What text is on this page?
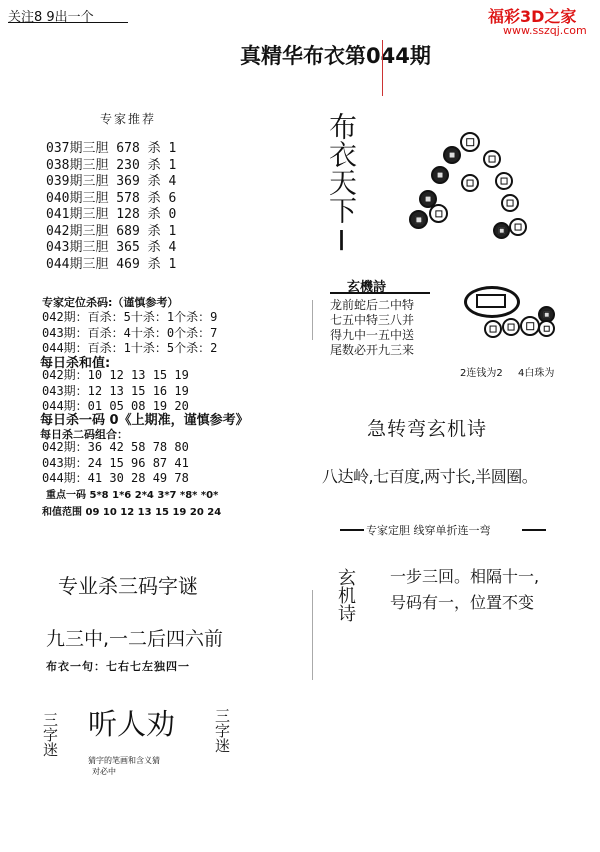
关注8 9出一个	福彩3D之家
www.sszqj.com
真精华布衣第044期
专家推荐
037期三胆 678 杀 1
038期三胆 230 杀 1
039期三胆 369 杀 4
040期三胆 578 杀 6
041期三胆 128 杀 0
042期三胆 689 杀 1
043期三胆 365 杀 4
044期三胆 469 杀 1
专家定位杀码:（谨慎参考）
042期：百杀：5十杀：1个杀：9
043期：百杀：4十杀：0个杀：7
044期：百杀：1十杀：5个杀：2
每日杀和值:
042期：10 12 13 15 19
043期：12 13 15 16 19
044期：01 05 08 19 20
每日杀一码 0《上期准，谨慎参考》
每日杀二码组合：
042期：36 42 58 78 80
043期：24 15 96 87 41
044期：41 30 28 49 78
重点一码 5*8 1*6 2*4 3*7 *8* *0*
和值范围 09 10 12 13 15 19 20 24
专业杀三码字谜
九三中,一二后四六前
布衣一句：七右七左独四一
三字迷 听人劝	三字迷
猜字的笔画和含义猜
对必中
布衣天下I
玄機詩
龙前蛇后二中特
七五中特三八并
得九中一五中送
尾数必开九三来
2连钱为2 4白珠为
急转弯玄机诗
八达岭,七百度,两寸长,半圆圈。
专家定胆 线穿单折连一弯
玄机诗 一步三回。相隔十一,
号码有一，位置不变
